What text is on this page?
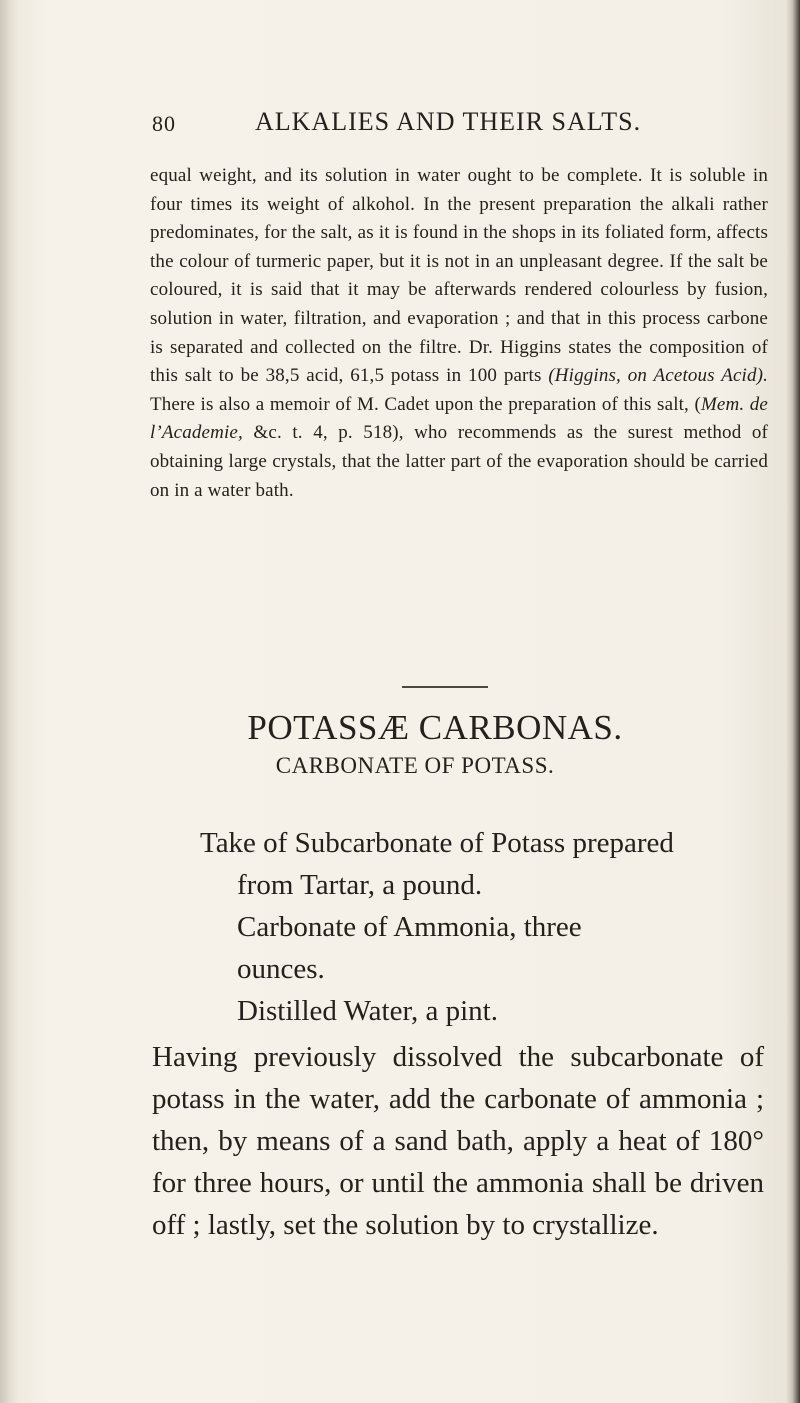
80	ALKALIES AND THEIR SALTS.

equal weight, and its solution in water ought to be complete. It is soluble in four times its weight of alkohol. In the present preparation the alkali rather predominates, for the salt, as it is found in the shops in its foliated form, affects the colour of turmeric paper, but it is not in an unpleasant degree. If the salt be coloured, it is said that it may be afterwards rendered colourless by fusion, solution in water, filtration, and evaporation ; and that in this process carbone is separated and collected on the filtre. Dr. Higgins states the composition of this salt to be 38,5 acid, 61,5 potass in 100 parts (Higgins, on Acetous Acid). There is also a memoir of M. Cadet upon the preparation of this salt, (Mem. de l’Academie, &c. t. 4, p. 518), who recommends as the surest method of obtaining large crystals, that the latter part of the evaporation should be carried on in a water bath.

POTASSÆ CARBONAS.

CARBONATE OF POTASS.

Take of Subcarbonate of Potass prepared

from Tartar, a pound.

Carbonate of Ammonia, three

ounces.

Distilled Water, a pint.

Having previously dissolved the subcarbonate of potass in the water, add the carbonate of ammonia ; then, by means of a sand bath, apply a heat of 180° for three hours, or until the ammonia shall be driven off ; lastly, set the solution by to crystallize.
